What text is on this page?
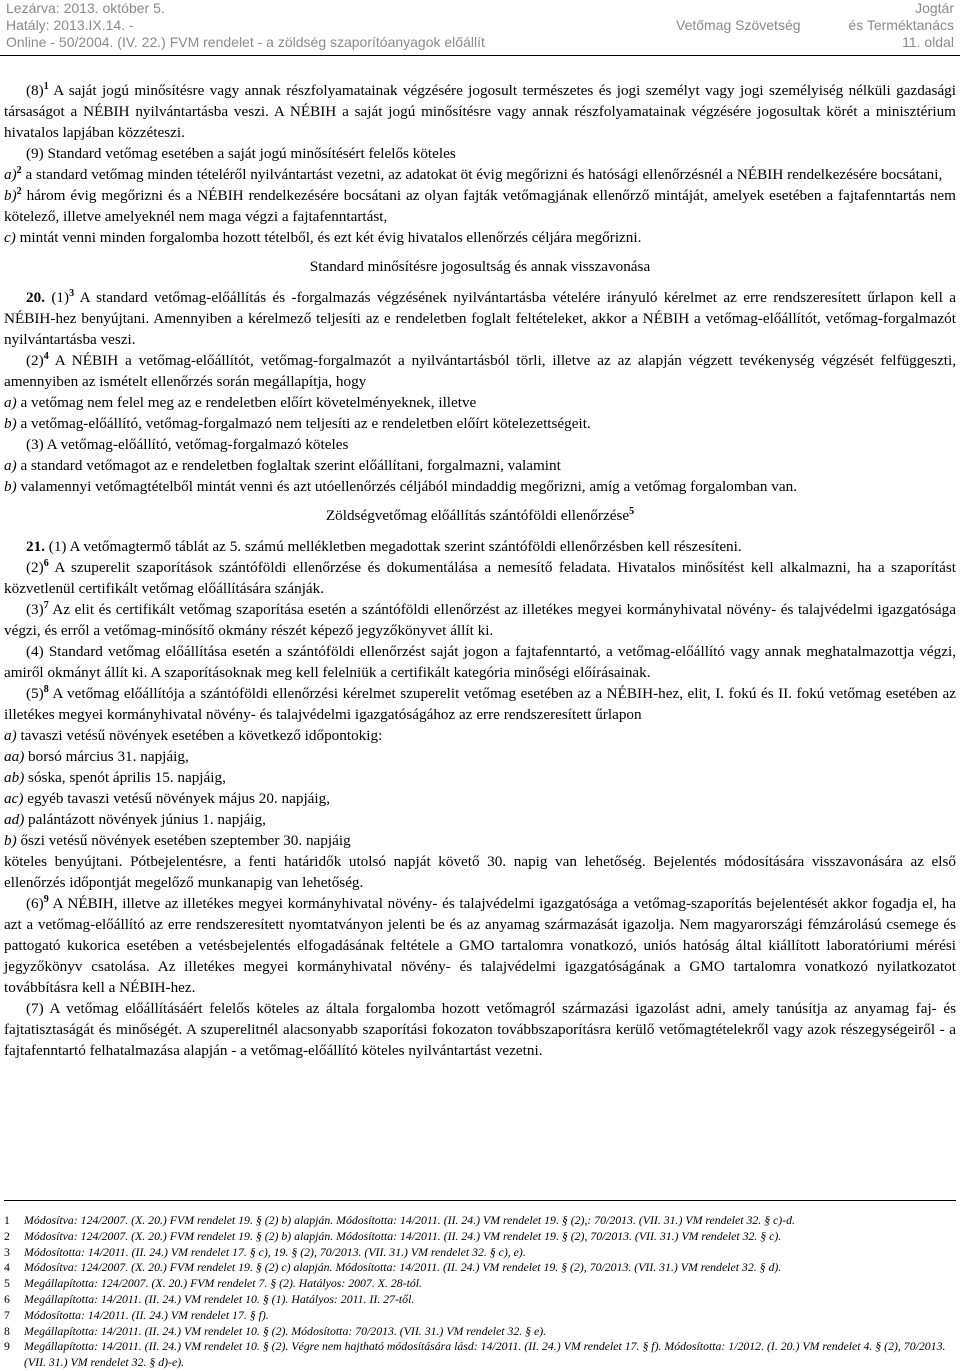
Lezárva: 2013. október 5.
Hatály: 2013.IX.14. -
Online - 50/2004. (IV. 22.) FVM rendelet - a zöldség szaporítóanyagok előállít
Vetőmag Szövetség
Jogtár
és Terméktanács
11. oldal

$(8)^1$ A saját jogú minősítésre vagy annak részfolyamatainak végzésére jogosult természetes és jogi személyt vagy jogi személyiség nélküli gazdasági társaságot a NÉBIH nyilvántartásba veszi. A NÉBIH a saját jogú minősítésre vagy annak részfolyamatainak végzésére jogosultak körét a minisztérium hivatalos lapjában közzéteszi.

(9) Standard vetőmag esetében a saját jogú minősítésért felelős köteles

a)$^2$ a standard vetőmag minden tételéről nyilvántartást vezetni, az adatokat öt évig megőrizni és hatósági ellenőrzésnél a NÉBIH rendelkezésére bocsátani,

b)$^2$ három évig megőrizni és a NÉBIH rendelkezésére bocsátani az olyan fajták vetőmagjának ellenőrző mintáját, amelyek esetében a fajtafenntartás nem kötelező, illetve amelyeknél nem maga végzi a fajtafenntartást,

c) mintát venni minden forgalomba hozott tételből, és ezt két évig hivatalos ellenőrzés céljára megőrizni.

Standard minősítésre jogosultság és annak visszavonása

20. $(1)^3$ A standard vetőmag-előállítás és -forgalmazás végzésének nyilvántartásba vételére irányuló kérelmet az erre rendszeresített űrlapon kell a NÉBIH-hez benyújtani. Amennyiben a kérelmező teljesíti az e rendeletben foglalt feltételeket, akkor a NÉBIH a vetőmag-előállítót, vetőmag-forgalmazót nyilvántartásba veszi.

$(2)^4$ A NÉBIH a vetőmag-előállítót, vetőmag-forgalmazót a nyilvántartásból törli, illetve az az alapján végzett tevékenység végzését felfüggeszti, amennyiben az ismételt ellenőrzés során megállapítja, hogy

a) a vetőmag nem felel meg az e rendeletben előírt követelményeknek, illetve

b) a vetőmag-előállító, vetőmag-forgalmazó nem teljesíti az e rendeletben előírt kötelezettségeit.

(3) A vetőmag-előállító, vetőmag-forgalmazó köteles

a) a standard vetőmagot az e rendeletben foglaltak szerint előállítani, forgalmazni, valamint

b) valamennyi vetőmagtételből mintát venni és azt utóellenőrzés céljából mindaddig megőrizni, amíg a vetőmag forgalomban van.

Zöldségvetőmag előállítás szántóföldi ellenőrzése$^5$

21. (1) A vetőmagtermő táblát az 5. számú mellékletben megadottak szerint szántóföldi ellenőrzésben kell részesíteni.

$(2)^6$ A szuperelit szaporítások szántóföldi ellenőrzése és dokumentálása a nemesítő feladata. Hivatalos minősítést kell alkalmazni, ha a szaporítást közvetlenül certifikált vetőmag előállítására szánják.

$(3)^7$ Az elit és certifikált vetőmag szaporítása esetén a szántóföldi ellenőrzést az illetékes megyei kormányhivatal növény- és talajvédelmi igazgatósága végzi, és erről a vetőmag-minősítő okmány részét képező jegyzőkönyvet állít ki.

(4) Standard vetőmag előállítása esetén a szántóföldi ellenőrzést saját jogon a fajtafenntartó, a vetőmag-előállító vagy annak meghatalmazottja végzi, amiről okmányt állít ki. A szaporításoknak meg kell felelniük a certifikált kategória minőségi előírásainak.

$(5)^8$ A vetőmag előállítója a szántóföldi ellenőrzési kérelmet szuperelit vetőmag esetében az a NÉBIH-hez, elit, I. fokú és II. fokú vetőmag esetében az illetékes megyei kormányhivatal növény- és talajvédelmi igazgatóságához az erre rendszeresített űrlapon

a) tavaszi vetésű növények esetében a következő időpontokig:

aa) borsó március 31. napjáig,

ab) sóska, spenót április 15. napjáig,

ac) egyéb tavaszi vetésű növények május 20. napjáig,

ad) palántázott növények június 1. napjáig,

b) őszi vetésű növények esetében szeptember 30. napjáig

köteles benyújtani. Pótbejelentésre, a fenti határidők utolsó napját követő 30. napig van lehetőség. Bejelentés módosítására visszavonására az első ellenőrzés időpontját megelőző munkanapig van lehetőség.

$(6)^9$ A NÉBIH, illetve az illetékes megyei kormányhivatal növény- és talajvédelmi igazgatósága a vetőmag-szaporítás bejelentését akkor fogadja el, ha azt a vetőmag-előállító az erre rendszeresített nyomtatványon jelenti be és az anyamag származását igazolja. Nem magyarországi fémzárolású csemege és pattogató kukorica esetében a vetésbejelentés elfogadásának feltétele a GMO tartalomra vonatkozó, uniós hatóság által kiállított laboratóriumi mérési jegyzőkönyv csatolása. Az illetékes megyei kormányhivatal növény- és talajvédelmi igazgatóságának a GMO tartalomra vonatkozó nyilatkozatot továbbításra kell a NÉBIH-hez.

(7) A vetőmag előállításáért felelős köteles az általa forgalomba hozott vetőmagról származási igazolást adni, amely tanúsítja az anyamag faj- és fajtatisztaságát és minőségét. A szuperelitnél alacsonyabb szaporítási fokozaton továbbszaporításra kerülő vetőmagtételekről vagy azok részegységeiről - a fajtafenntartó felhatalmazása alapján - a vetőmag-előállító köteles nyilvántartást vezetni.

1	Módosítva: 124/2007. (X. 20.) FVM rendelet 19. § (2) b) alapján. Módosította: 14/2011. (II. 24.) VM rendelet 19. § (2),: 70/2013. (VII. 31.) VM rendelet 32. § c)-d.
2	Módosítva: 124/2007. (X. 20.) FVM rendelet 19. § (2) b) alapján. Módosította: 14/2011. (II. 24.) VM rendelet 19. § (2), 70/2013. (VII. 31.) VM rendelet 32. § c).
3	Módosította: 14/2011. (II. 24.) VM rendelet 17. § c), 19. § (2), 70/2013. (VII. 31.) VM rendelet 32. § c), e).
4	Módosítva: 124/2007. (X. 20.) FVM rendelet 19. § (2) c) alapján. Módosította: 14/2011. (II. 24.) VM rendelet 19. § (2), 70/2013. (VII. 31.) VM rendelet 32. § d).
5	Megállapította: 124/2007. (X. 20.) FVM rendelet 7. § (2). Hatályos: 2007. X. 28-tól.
6	Megállapította: 14/2011. (II. 24.) VM rendelet 10. § (1). Hatályos: 2011. II. 27-től.
7	Módosította: 14/2011. (II. 24.) VM rendelet 17. § f).
8	Megállapította: 14/2011. (II. 24.) VM rendelet 10. § (2). Módosította: 70/2013. (VII. 31.) VM rendelet 32. § e).
9	Megállapította: 14/2011. (II. 24.) VM rendelet 10. § (2). Végre nem hajtható módosítására lásd: 14/2011. (II. 24.) VM rendelet 17. § f). Módosította: 1/2012. (I. 20.) VM rendelet 4. § (2), 70/2013. (VII. 31.) VM rendelet 32. § d)-e).
